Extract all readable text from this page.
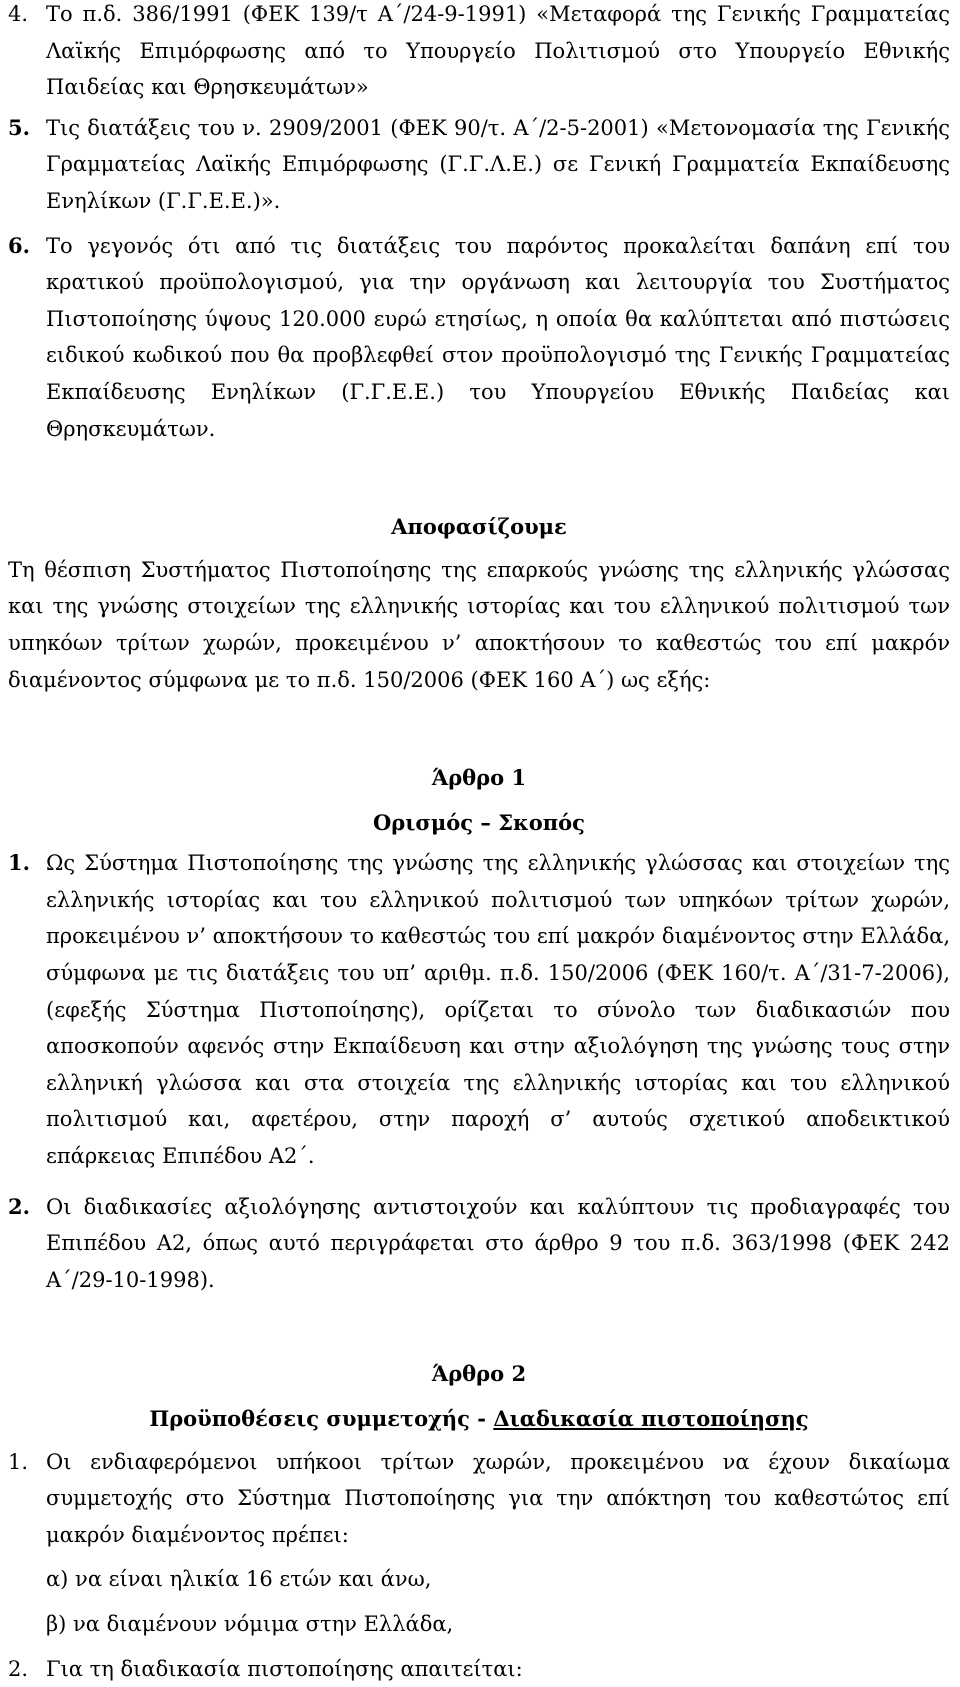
4. Το π.δ. 386/1991 (ΦΕΚ 139/τ Α΄/24-9-1991) «Μεταφορά της Γενικής Γραμματείας Λαϊκής Επιμόρφωσης από το Υπουργείο Πολιτισμού στο Υπουργείο Εθνικής Παιδείας και Θρησκευμάτων»
5. Τις διατάξεις του ν. 2909/2001 (ΦΕΚ 90/τ. Α΄/2-5-2001) «Μετονομασία της Γενικής Γραμματείας Λαϊκής Επιμόρφωσης (Γ.Γ.Λ.Ε.) σε Γενική Γραμματεία Εκπαίδευσης Ενηλίκων (Γ.Γ.Ε.Ε.)».
6. Το γεγονός ότι από τις διατάξεις του παρόντος προκαλείται δαπάνη επί του κρατικού προϋπολογισμού, για την οργάνωση και λειτουργία του Συστήματος Πιστοποίησης ύψους 120.000 ευρώ ετησίως, η οποία θα καλύπτεται από πιστώσεις ειδικού κωδικού που θα προβλεφθεί στον προϋπολογισμό της Γενικής Γραμματείας Εκπαίδευσης Ενηλίκων (Γ.Γ.Ε.Ε.) του Υπουργείου Εθνικής Παιδείας και Θρησκευμάτων.
Αποφασίζουμε
Τη θέσπιση Συστήματος Πιστοποίησης της επαρκούς γνώσης της ελληνικής γλώσσας και της γνώσης στοιχείων της ελληνικής ιστορίας και του ελληνικού πολιτισμού των υπηκόων τρίτων χωρών, προκειμένου ν’ αποκτήσουν το καθεστώς του επί μακρόν διαμένοντος σύμφωνα με το π.δ. 150/2006 (ΦΕΚ 160 Α΄) ως εξής:
Άρθρο 1
Ορισμός – Σκοπός
1. Ως Σύστημα Πιστοποίησης της γνώσης της ελληνικής γλώσσας και στοιχείων της ελληνικής ιστορίας και του ελληνικού πολιτισμού των υπηκόων τρίτων χωρών, προκειμένου ν’ αποκτήσουν το καθεστώς του επί μακρόν διαμένοντος στην Ελλάδα, σύμφωνα με τις διατάξεις του υπ’ αριθμ. π.δ. 150/2006 (ΦΕΚ 160/τ. Α΄/31-7-2006), (εφεξής Σύστημα Πιστοποίησης), ορίζεται το σύνολο των διαδικασιών που αποσκοπούν αφενός στην Εκπαίδευση και στην αξιολόγηση της γνώσης τους στην ελληνική γλώσσα και στα στοιχεία της ελληνικής ιστορίας και του ελληνικού πολιτισμού και, αφετέρου, στην παροχή σ’ αυτούς σχετικού αποδεικτικού επάρκειας Επιπέδου Α2΄.
2. Οι διαδικασίες αξιολόγησης αντιστοιχούν και καλύπτουν τις προδιαγραφές του Επιπέδου Α2, όπως αυτό περιγράφεται στο άρθρο 9 του π.δ. 363/1998 (ΦΕΚ 242 Α΄/29-10-1998).
Άρθρο 2
Προϋποθέσεις συμμετοχής - Διαδικασία πιστοποίησης
1. Οι ενδιαφερόμενοι υπήκοοι τρίτων χωρών, προκειμένου να έχουν δικαίωμα συμμετοχής στο Σύστημα Πιστοποίησης για την απόκτηση του καθεστώτος επί μακρόν διαμένοντος πρέπει:
α) να είναι ηλικία 16 ετών και άνω,
β) να διαμένουν νόμιμα στην Ελλάδα,
2. Για τη διαδικασία πιστοποίησης απαιτείται:
